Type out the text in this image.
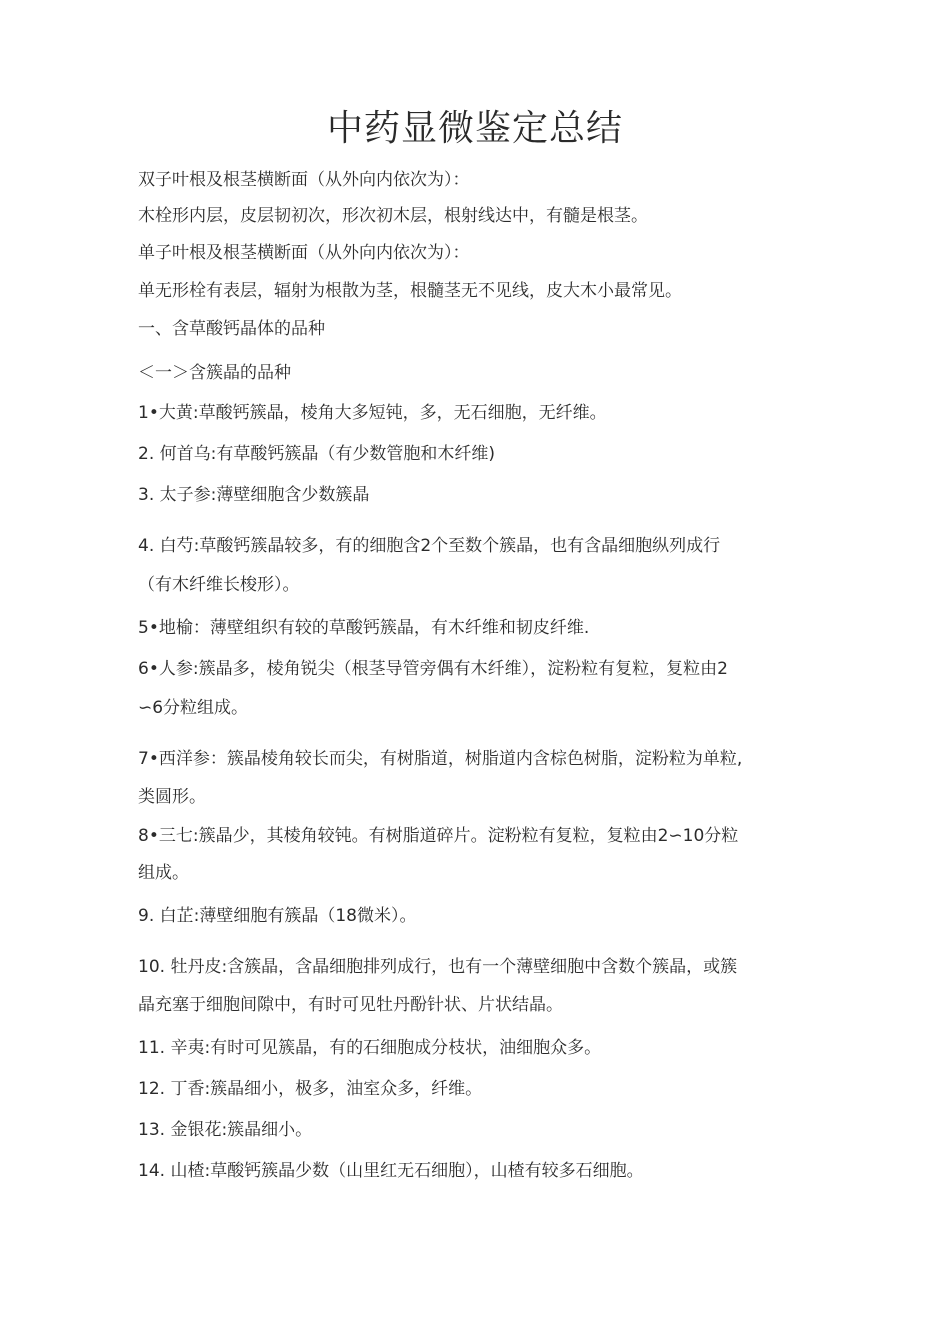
中药显微鉴定总结
双子叶根及根茎横断面（从外向内依次为）：
木栓形内层，皮层韧初次，形次初木层，根射线达中，有髓是根茎。
单子叶根及根茎横断面（从外向内依次为）：
单无形栓有表层，辐射为根散为茎，根髓茎无不见线，皮大木小最常见。
一、含草酸钙晶体的品种
＜一＞含簇晶的品种
1•大黄:草酸钙簇晶，棱角大多短钝，多，无石细胞，无纤维。
2. 何首乌:有草酸钙簇晶（有少数管胞和木纤维)
3. 太子参:薄壁细胞含少数簇晶
4. 白芍:草酸钙簇晶较多，有的细胞含2个至数个簇晶，也有含晶细胞纵列成行
（有木纤维长梭形）。
5•地榆：薄壁组织有较的草酸钙簇晶，有木纤维和韧皮纤维.
6•人参:簇晶多，棱角锐尖（根茎导管旁偶有木纤维），淀粉粒有复粒，复粒由2
∽6分粒组成。
7•西洋参：簇晶棱角较长而尖，有树脂道，树脂道内含棕色树脂，淀粉粒为单粒,
类圆形。
8•三七:簇晶少，其棱角较钝。有树脂道碎片。淀粉粒有复粒，复粒由2∽10分粒
组成。
9. 白芷:薄壁细胞有簇晶（18微米）。
10. 牡丹皮:含簇晶，含晶细胞排列成行，也有一个薄壁细胞中含数个簇晶，或簇
晶充塞于细胞间隙中，有时可见牡丹酚针状、片状结晶。
11. 辛夷:有时可见簇晶，有的石细胞成分枝状，油细胞众多。
12. 丁香:簇晶细小，极多，油室众多，纤维。
13. 金银花:簇晶细小。
14. 山楂:草酸钙簇晶少数（山里红无石细胞），山楂有较多石细胞。
